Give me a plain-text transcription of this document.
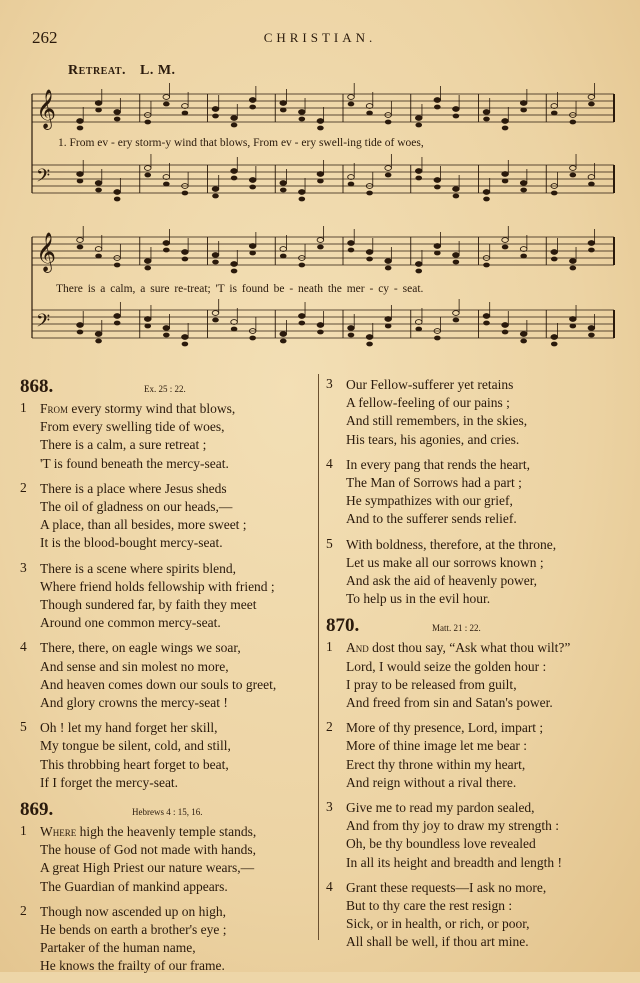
262	CHRISTIAN.
Retreat. L. M.
𝄞
𝄢
𝄞
𝄢
1. From ev - ery storm-y wind that blows, From ev - ery swell-ing tide of woes,
There is a calm, a sure re-treat; 'T is found be - neath the mer - cy - seat.
868.	Ex. 25 : 22.
1 From every stormy wind that blows,
From every swelling tide of woes,
There is a calm, a sure retreat ;
'T is found beneath the mercy-seat.
2 There is a place where Jesus sheds
The oil of gladness on our heads,—
A place, than all besides, more sweet ;
It is the blood-bought mercy-seat.
3 There is a scene where spirits blend,
Where friend holds fellowship with friend ;
Though sundered far, by faith they meet
Around one common mercy-seat.
4 There, there, on eagle wings we soar,
And sense and sin molest no more,
And heaven comes down our souls to greet,
And glory crowns the mercy-seat !
5 Oh ! let my hand forget her skill,
My tongue be silent, cold, and still,
This throbbing heart forget to beat,
If I forget the mercy-seat.
869.	Hebrews 4 : 15, 16.
1 Where high the heavenly temple stands,
The house of God not made with hands,
A great High Priest our nature wears,—
The Guardian of mankind appears.
2 Though now ascended up on high,
He bends on earth a brother's eye ;
Partaker of the human name,
He knows the frailty of our frame.
3 Our Fellow-sufferer yet retains
A fellow-feeling of our pains ;
And still remembers, in the skies,
His tears, his agonies, and cries.
4 In every pang that rends the heart,
The Man of Sorrows had a part ;
He sympathizes with our grief,
And to the sufferer sends relief.
5 With boldness, therefore, at the throne,
Let us make all our sorrows known ;
And ask the aid of heavenly power,
To help us in the evil hour.
870.	Matt. 21 : 22.
1 And dost thou say, “Ask what thou wilt?”
Lord, I would seize the golden hour :
I pray to be released from guilt,
And freed from sin and Satan's power.
2 More of thy presence, Lord, impart ;
More of thine image let me bear :
Erect thy throne within my heart,
And reign without a rival there.
3 Give me to read my pardon sealed,
And from thy joy to draw my strength :
Oh, be thy boundless love revealed
In all its height and breadth and length !
4 Grant these requests—I ask no more,
But to thy care the rest resign :
Sick, or in health, or rich, or poor,
All shall be well, if thou art mine.
